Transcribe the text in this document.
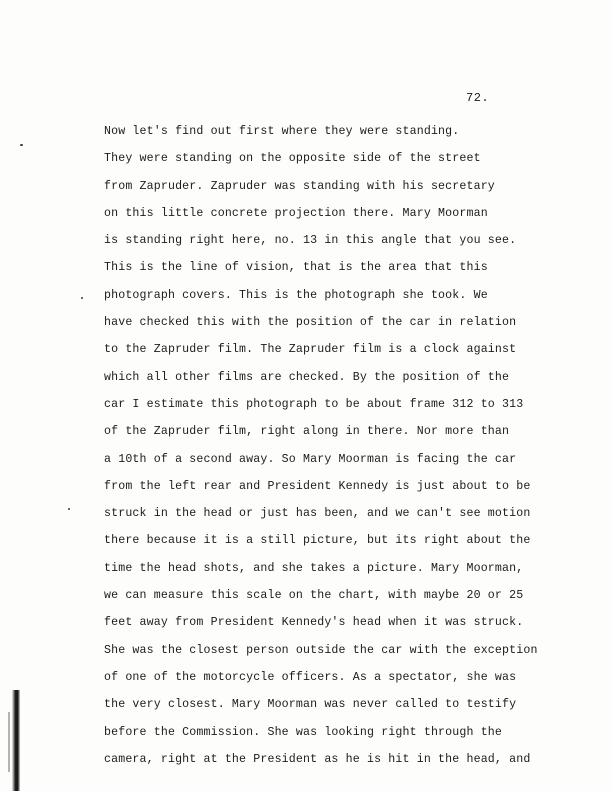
72.
Now let's find out first where they were standing.
They were standing on the opposite side of the street
from Zapruder. Zapruder was standing with his secretary
on this little concrete projection there. Mary Moorman
is standing right here, no. 13 in this angle that you see.
This is the line of vision, that is the area that this
photograph covers. This is the photograph she took. We
have checked this with the position of the car in relation
to the Zapruder film. The Zapruder film is a clock against
which all other films are checked. By the position of the
car I estimate this photograph to be about frame 312 to 313
of the Zapruder film, right along in there. Nor more than
a 10th of a second away. So Mary Moorman is facing the car
from the left rear and President Kennedy is just about to be
struck in the head or just has been, and we can't see motion
there because it is a still picture, but its right about the
time the head shots, and she takes a picture. Mary Moorman,
we can measure this scale on the chart, with maybe 20 or 25
feet away from President Kennedy's head when it was struck.
She was the closest person outside the car with the exception
of one of the motorcycle officers. As a spectator, she was
the very closest. Mary Moorman was never called to testify
before the Commission. She was looking right through the
camera, right at the President as he is hit in the head, and
